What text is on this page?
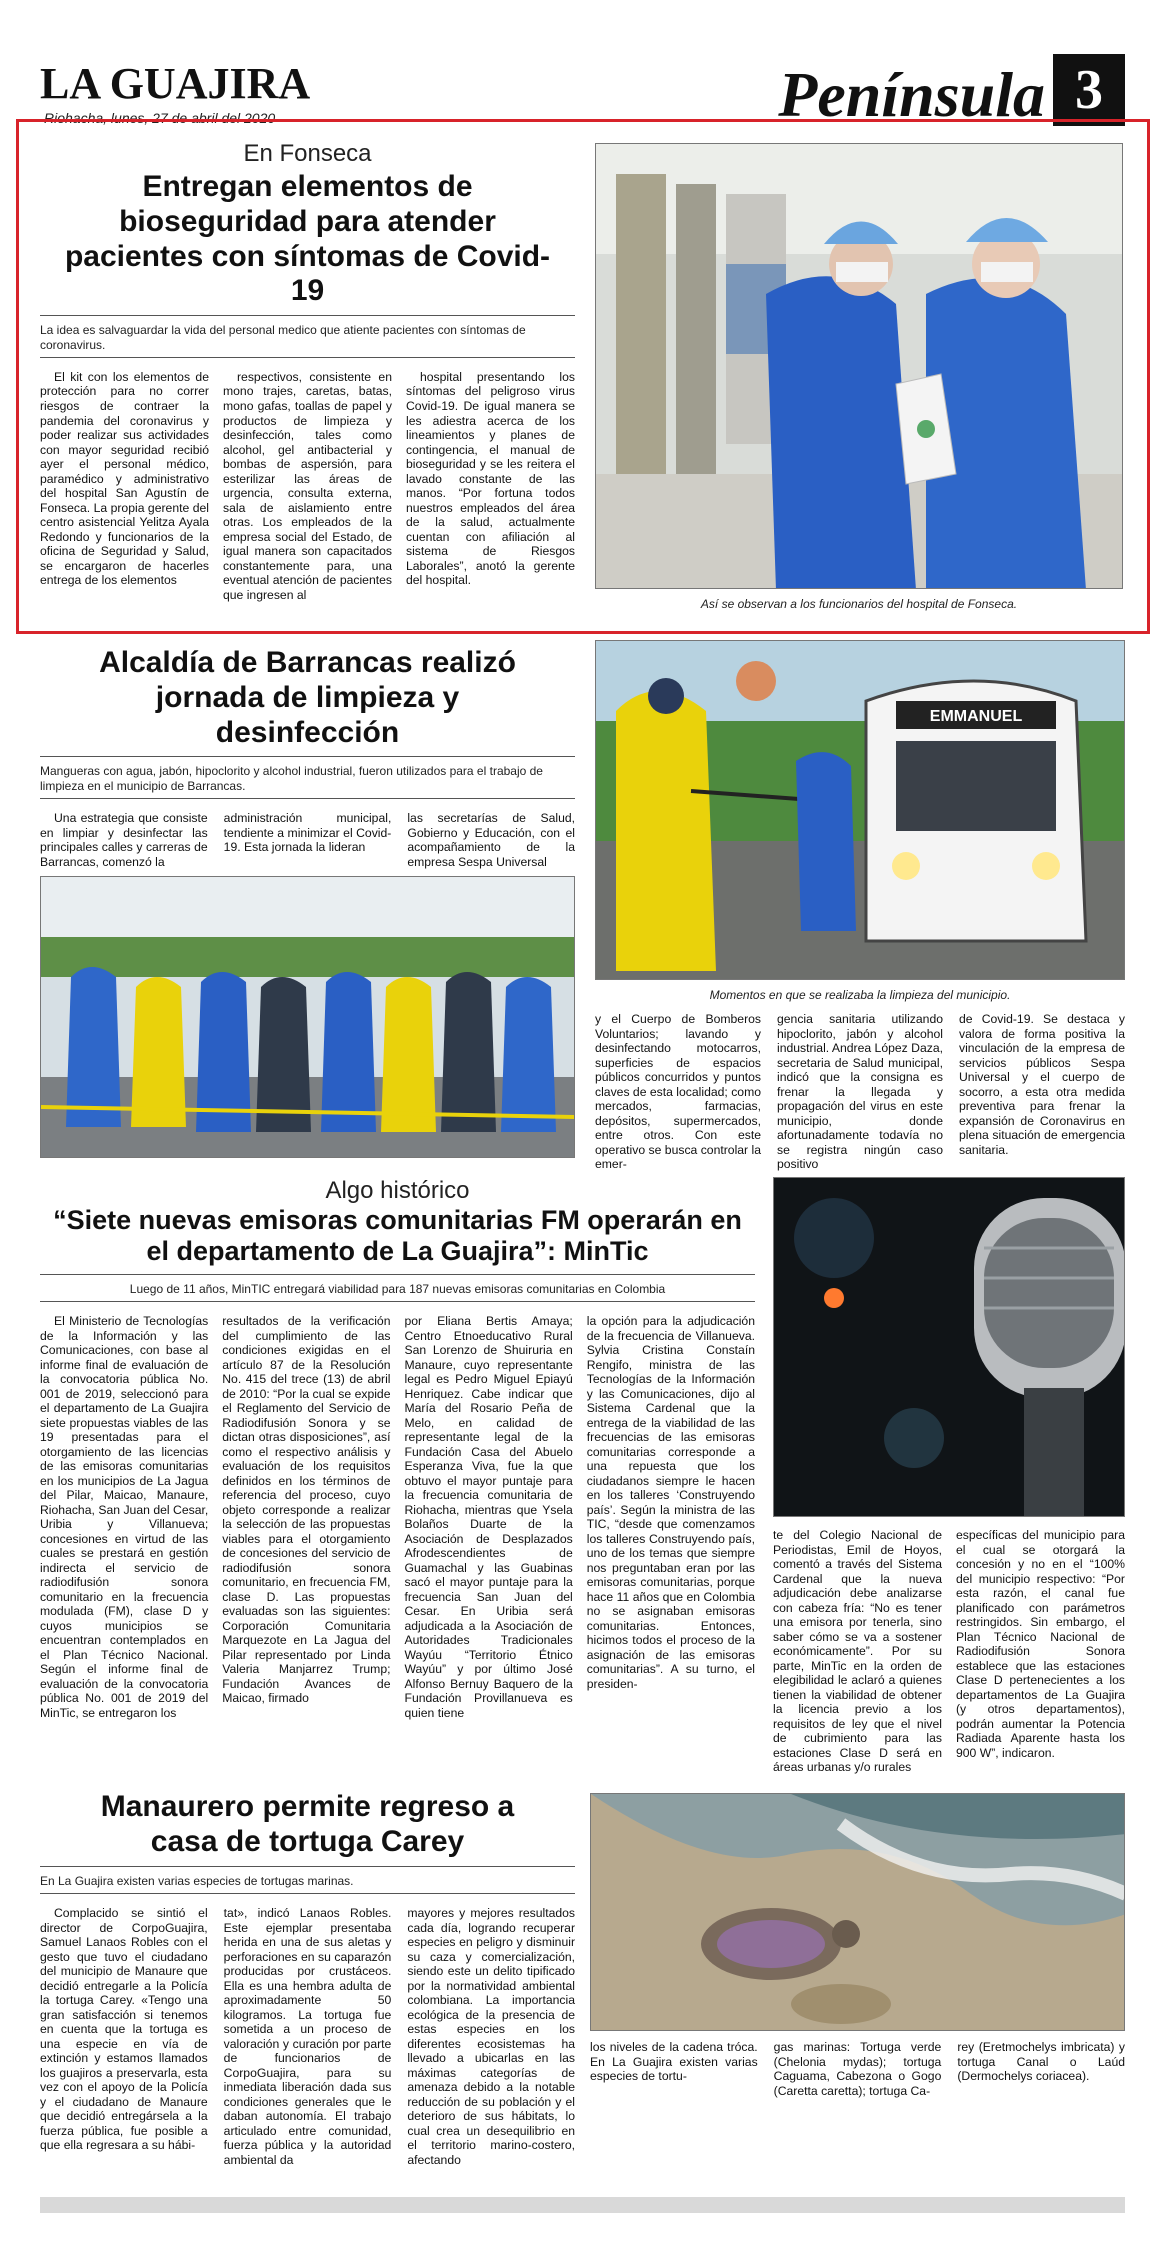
LA GUAJIRA
Riohacha, lunes, 27 de abril del 2020	Península 3
En Fonseca
Entregan elementos de bioseguridad para atender pacientes con síntomas de Covid-19
La idea es salvaguardar la vida del personal medico que atiente pacientes con síntomas de coronavirus.

El kit con los elementos de protección para no correr riesgos de contraer la pandemia del coronavirus y poder realizar sus actividades con mayor seguridad recibió ayer el personal médico, paramédico y administrativo del hospital San Agustín de Fonseca. La propia gerente del centro asistencial Yelitza Ayala Redondo y funcionarios de la oficina de Seguridad y Salud, se encargaron de hacerles entrega de los elementos

respectivos, consistente en mono trajes, caretas, batas, mono gafas, toallas de papel y productos de limpieza y desinfección, tales como alcohol, gel antibacterial y bombas de aspersión, para esterilizar las áreas de urgencia, consulta externa, sala de aislamiento entre otras. Los empleados de la empresa social del Estado, de igual manera son capacitados constantemente para, una eventual atención de pacientes que ingresen al

hospital presentando los síntomas del peligroso virus Covid-19. De igual manera se les adiestra acerca de los lineamientos y planes de contingencia, el manual de bioseguridad y se les reitera el lavado constante de las manos. “Por fortuna todos nuestros empleados del área de la salud, actualmente cuentan con afiliación al sistema de Riesgos Laborales”, anotó la gerente del hospital.

Así se observan a los funcionarios del hospital de Fonseca.
Alcaldía de Barrancas realizó jornada de limpieza y desinfección
Mangueras con agua, jabón, hipoclorito y alcohol industrial, fueron utilizados para el trabajo de limpieza en el municipio de Barrancas.

Una estrategia que consiste en limpiar y desinfectar las principales calles y carreras de Barrancas, comenzó la

administración municipal, tendiente a minimizar el Covid-19. Esta jornada la lideran

las secretarías de Salud, Gobierno y Educación, con el acompañamiento de la empresa Sespa Universal

EMMANUEL
Momentos en que se realizaba la limpieza del municipio.

y el Cuerpo de Bomberos Voluntarios; lavando y desinfectando motocarros, superficies de espacios públicos concurridos y puntos claves de esta localidad; como mercados, farmacias, depósitos, supermercados, entre otros. Con este operativo se busca controlar la emer-

gencia sanitaria utilizando hipoclorito, jabón y alcohol industrial. Andrea López Daza, secretaria de Salud municipal, indicó que la consigna es frenar la llegada y propagación del virus en este municipio, donde afortunadamente todavía no se registra ningún caso positivo

de Covid-19. Se destaca y valora de forma positiva la vinculación de la empresa de servicios públicos Sespa Universal y el cuerpo de socorro, a esta otra medida preventiva para frenar la expansión de Coronavirus en plena situación de emergencia sanitaria.

Algo histórico
“Siete nuevas emisoras comunitarias FM operarán en el departamento de La Guajira”: MinTic
Luego de 11 años, MinTIC entregará viabilidad para 187 nuevas emisoras comunitarias en Colombia

El Ministerio de Tecnologías de la Información y las Comunicaciones, con base al informe final de evaluación de la convocatoria pública No. 001 de 2019, seleccionó para el departamento de La Guajira siete propuestas viables de las 19 presentadas para el otorgamiento de las licencias de las emisoras comunitarias en los municipios de La Jagua del Pilar, Maicao, Manaure, Riohacha, San Juan del Cesar, Uribia y Villanueva; concesiones en virtud de las cuales se prestará en gestión indirecta el servicio de radiodifusión sonora comunitario en la frecuencia modulada (FM), clase D y cuyos municipios se encuentran contemplados en el Plan Técnico Nacional. Según el informe final de evaluación de la convocatoria pública No. 001 de 2019 del MinTic, se entregaron los

resultados de la verificación del cumplimiento de las condiciones exigidas en el artículo 87 de la Resolución No. 415 del trece (13) de abril de 2010: “Por la cual se expide el Reglamento del Servicio de Radiodifusión Sonora y se dictan otras disposiciones”, así como el respectivo análisis y evaluación de los requisitos definidos en los términos de referencia del proceso, cuyo objeto corresponde a realizar la selección de las propuestas viables para el otorgamiento de concesiones del servicio de radiodifusión sonora comunitario, en frecuencia FM, clase D. Las propuestas evaluadas son las siguientes: Corporación Comunitaria Marquezote en La Jagua del Pilar representado por Linda Valeria Manjarrez Trump; Fundación Avances de Maicao, firmado

por Eliana Bertis Amaya; Centro Etnoeducativo Rural San Lorenzo de Shuiruria en Manaure, cuyo representante legal es Pedro Miguel Epiayú Henriquez. Cabe indicar que María del Rosario Peña de Melo, en calidad de representante legal de la Fundación Casa del Abuelo Esperanza Viva, fue la que obtuvo el mayor puntaje para la frecuencia comunitaria de Riohacha, mientras que Ysela Bolaños Duarte de la Asociación de Desplazados Afrodescendientes de Guamachal y las Guabinas sacó el mayor puntaje para la frecuencia San Juan del Cesar. En Uribia será adjudicada a la Asociación de Autoridades Tradicionales Wayúu “Territorio Étnico Wayúu” y por último José Alfonso Bernuy Baquero de la Fundación Provillanueva es quien tiene

la opción para la adjudicación de la frecuencia de Villanueva. Sylvia Cristina Constaín Rengifo, ministra de las Tecnologías de la Información y las Comunicaciones, dijo al Sistema Cardenal que la entrega de la viabilidad de las frecuencias de las emisoras comunitarias corresponde a una repuesta que los ciudadanos siempre le hacen en los talleres ‘Construyendo país’. Según la ministra de las TIC, “desde que comenzamos los talleres Construyendo país, uno de los temas que siempre nos preguntaban eran por las emisoras comunitarias, porque hace 11 años que en Colombia no se asignaban emisoras comunitarias. Entonces, hicimos todos el proceso de la asignación de las emisoras comunitarias”. A su turno, el presiden-

te del Colegio Nacional de Periodistas, Emil de Hoyos, comentó a través del Sistema Cardenal que la nueva adjudicación debe analizarse con cabeza fría: “No es tener una emisora por tenerla, sino saber cómo se va a sostener económicamente”. Por su parte, MinTic en la orden de elegibilidad le aclaró a quienes tienen la viabilidad de obtener la licencia previo a los requisitos de ley que el nivel de cubrimiento para las estaciones Clase D será en áreas urbanas y/o rurales

específicas del municipio para el cual se otorgará la concesión y no en el “100% del municipio respectivo: “Por esta razón, el canal fue planificado con parámetros restringidos. Sin embargo, el Plan Técnico Nacional de Radiodifusión Sonora establece que las estaciones Clase D pertenecientes a los departamentos de La Guajira (y otros departamentos), podrán aumentar la Potencia Radiada Aparente hasta los 900 W”, indicaron.

Manaurero permite regreso a casa de tortuga Carey
En La Guajira existen varias especies de tortugas marinas.

Complacido se sintió el director de CorpoGuajira, Samuel Lanaos Robles con el gesto que tuvo el ciudadano del municipio de Manaure que decidió entregarle a la Policía la tortuga Carey. «Tengo una gran satisfacción si tenemos en cuenta que la tortuga es una especie en vía de extinción y estamos llamados los guajiros a preservarla, esta vez con el apoyo de la Policía y el ciudadano de Manaure que decidió entregársela a la fuerza pública, fue posible a que ella regresara a su hábi-

tat», indicó Lanaos Robles. Este ejemplar presentaba herida en una de sus aletas y perforaciones en su caparazón producidas por crustáceos. Ella es una hembra adulta de aproximadamente 50 kilogramos. La tortuga fue sometida a un proceso de valoración y curación por parte de funcionarios de CorpoGuajira, para su inmediata liberación dada sus condiciones generales que le daban autonomía. El trabajo articulado entre comunidad, fuerza pública y la autoridad ambiental da

mayores y mejores resultados cada día, logrando recuperar especies en peligro y disminuir su caza y comercialización, siendo este un delito tipificado por la normatividad ambiental colombiana. La importancia ecológica de la presencia de estas especies en los diferentes ecosistemas ha llevado a ubicarlas en las máximas categorías de amenaza debido a la notable reducción de su población y el deterioro de sus hábitats, lo cual crea un desequilibrio en el territorio marino-costero, afectando

los niveles de la cadena tróca. En La Guajira existen varias especies de tortu-

gas marinas: Tortuga verde (Chelonia mydas); tortuga Caguama, Cabezona o Gogo (Caretta caretta); tortuga Ca-

rey (Eretmochelys imbricata) y tortuga Canal o Laúd (Dermochelys coriacea).
